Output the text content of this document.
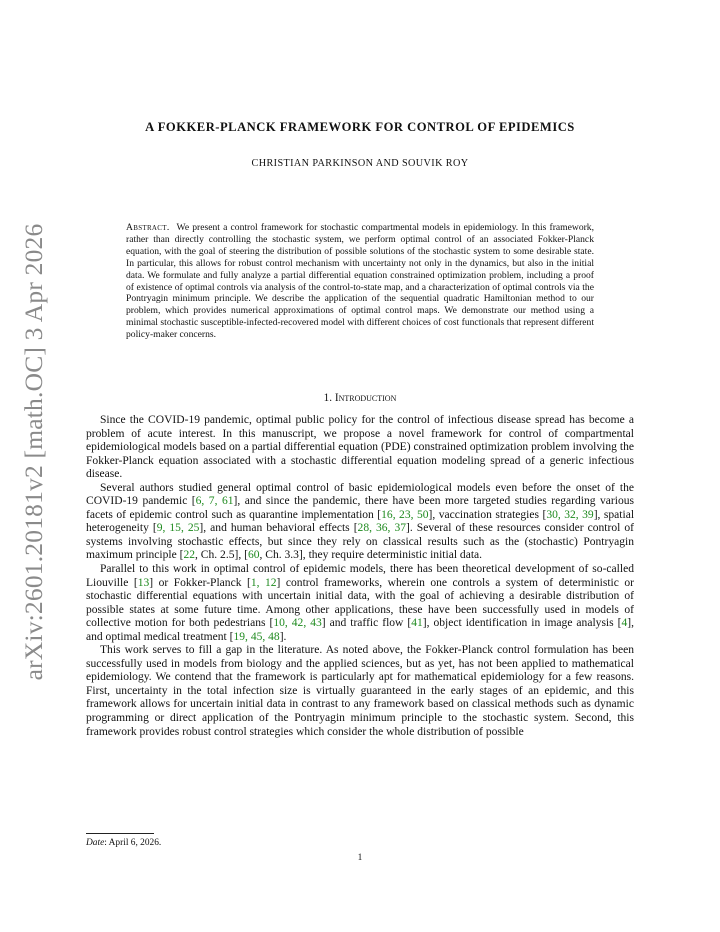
arXiv:2601.20181v2 [math.OC] 3 Apr 2026
A FOKKER-PLANCK FRAMEWORK FOR CONTROL OF EPIDEMICS
CHRISTIAN PARKINSON AND SOUVIK ROY
Abstract. We present a control framework for stochastic compartmental models in epidemiology. In this framework, rather than directly controlling the stochastic system, we perform optimal control of an associated Fokker-Planck equation, with the goal of steering the distribution of possible solutions of the stochastic system to some desirable state. In particular, this allows for robust control mechanism with uncertainty not only in the dynamics, but also in the initial data. We formulate and fully analyze a partial differential equation constrained optimization problem, including a proof of existence of optimal controls via analysis of the control-to-state map, and a characterization of optimal controls via the Pontryagin minimum principle. We describe the application of the sequential quadratic Hamiltonian method to our problem, which provides numerical approximations of optimal control maps. We demonstrate our method using a minimal stochastic susceptible-infected-recovered model with different choices of cost functionals that represent different policy-maker concerns.
1. Introduction

Since the COVID-19 pandemic, optimal public policy for the control of infectious disease spread has become a problem of acute interest. In this manuscript, we propose a novel framework for control of compartmental epidemiological models based on a partial differential equation (PDE) constrained optimization problem involving the Fokker-Planck equation associated with a stochastic differential equation modeling spread of a generic infectious disease.

Several authors studied general optimal control of basic epidemiological models even before the onset of the COVID-19 pandemic [6, 7, 61], and since the pandemic, there have been more targeted studies regarding various facets of epidemic control such as quarantine implementation [16, 23, 50], vaccination strategies [30, 32, 39], spatial heterogeneity [9, 15, 25], and human behavioral effects [28, 36, 37]. Several of these resources consider control of systems involving stochastic effects, but since they rely on classical results such as the (stochastic) Pontryagin maximum principle [22, Ch. 2.5], [60, Ch. 3.3], they require deterministic initial data.

Parallel to this work in optimal control of epidemic models, there has been theoretical development of so-called Liouville [13] or Fokker-Planck [1, 12] control frameworks, wherein one controls a system of deterministic or stochastic differential equations with uncertain initial data, with the goal of achieving a desirable distribution of possible states at some future time. Among other applications, these have been successfully used in models of collective motion for both pedestrians [10, 42, 43] and traffic flow [41], object identification in image analysis [4], and optimal medical treatment [19, 45, 48].

This work serves to fill a gap in the literature. As noted above, the Fokker-Planck control formulation has been successfully used in models from biology and the applied sciences, but as yet, has not been applied to mathematical epidemiology. We contend that the framework is particularly apt for mathematical epidemiology for a few reasons. First, uncertainty in the total infection size is virtually guaranteed in the early stages of an epidemic, and this framework allows for uncertain initial data in contrast to any framework based on classical methods such as dynamic programming or direct application of the Pontryagin minimum principle to the stochastic system. Second, this framework provides robust control strategies which consider the whole distribution of possible

Date: April 6, 2026.
1
